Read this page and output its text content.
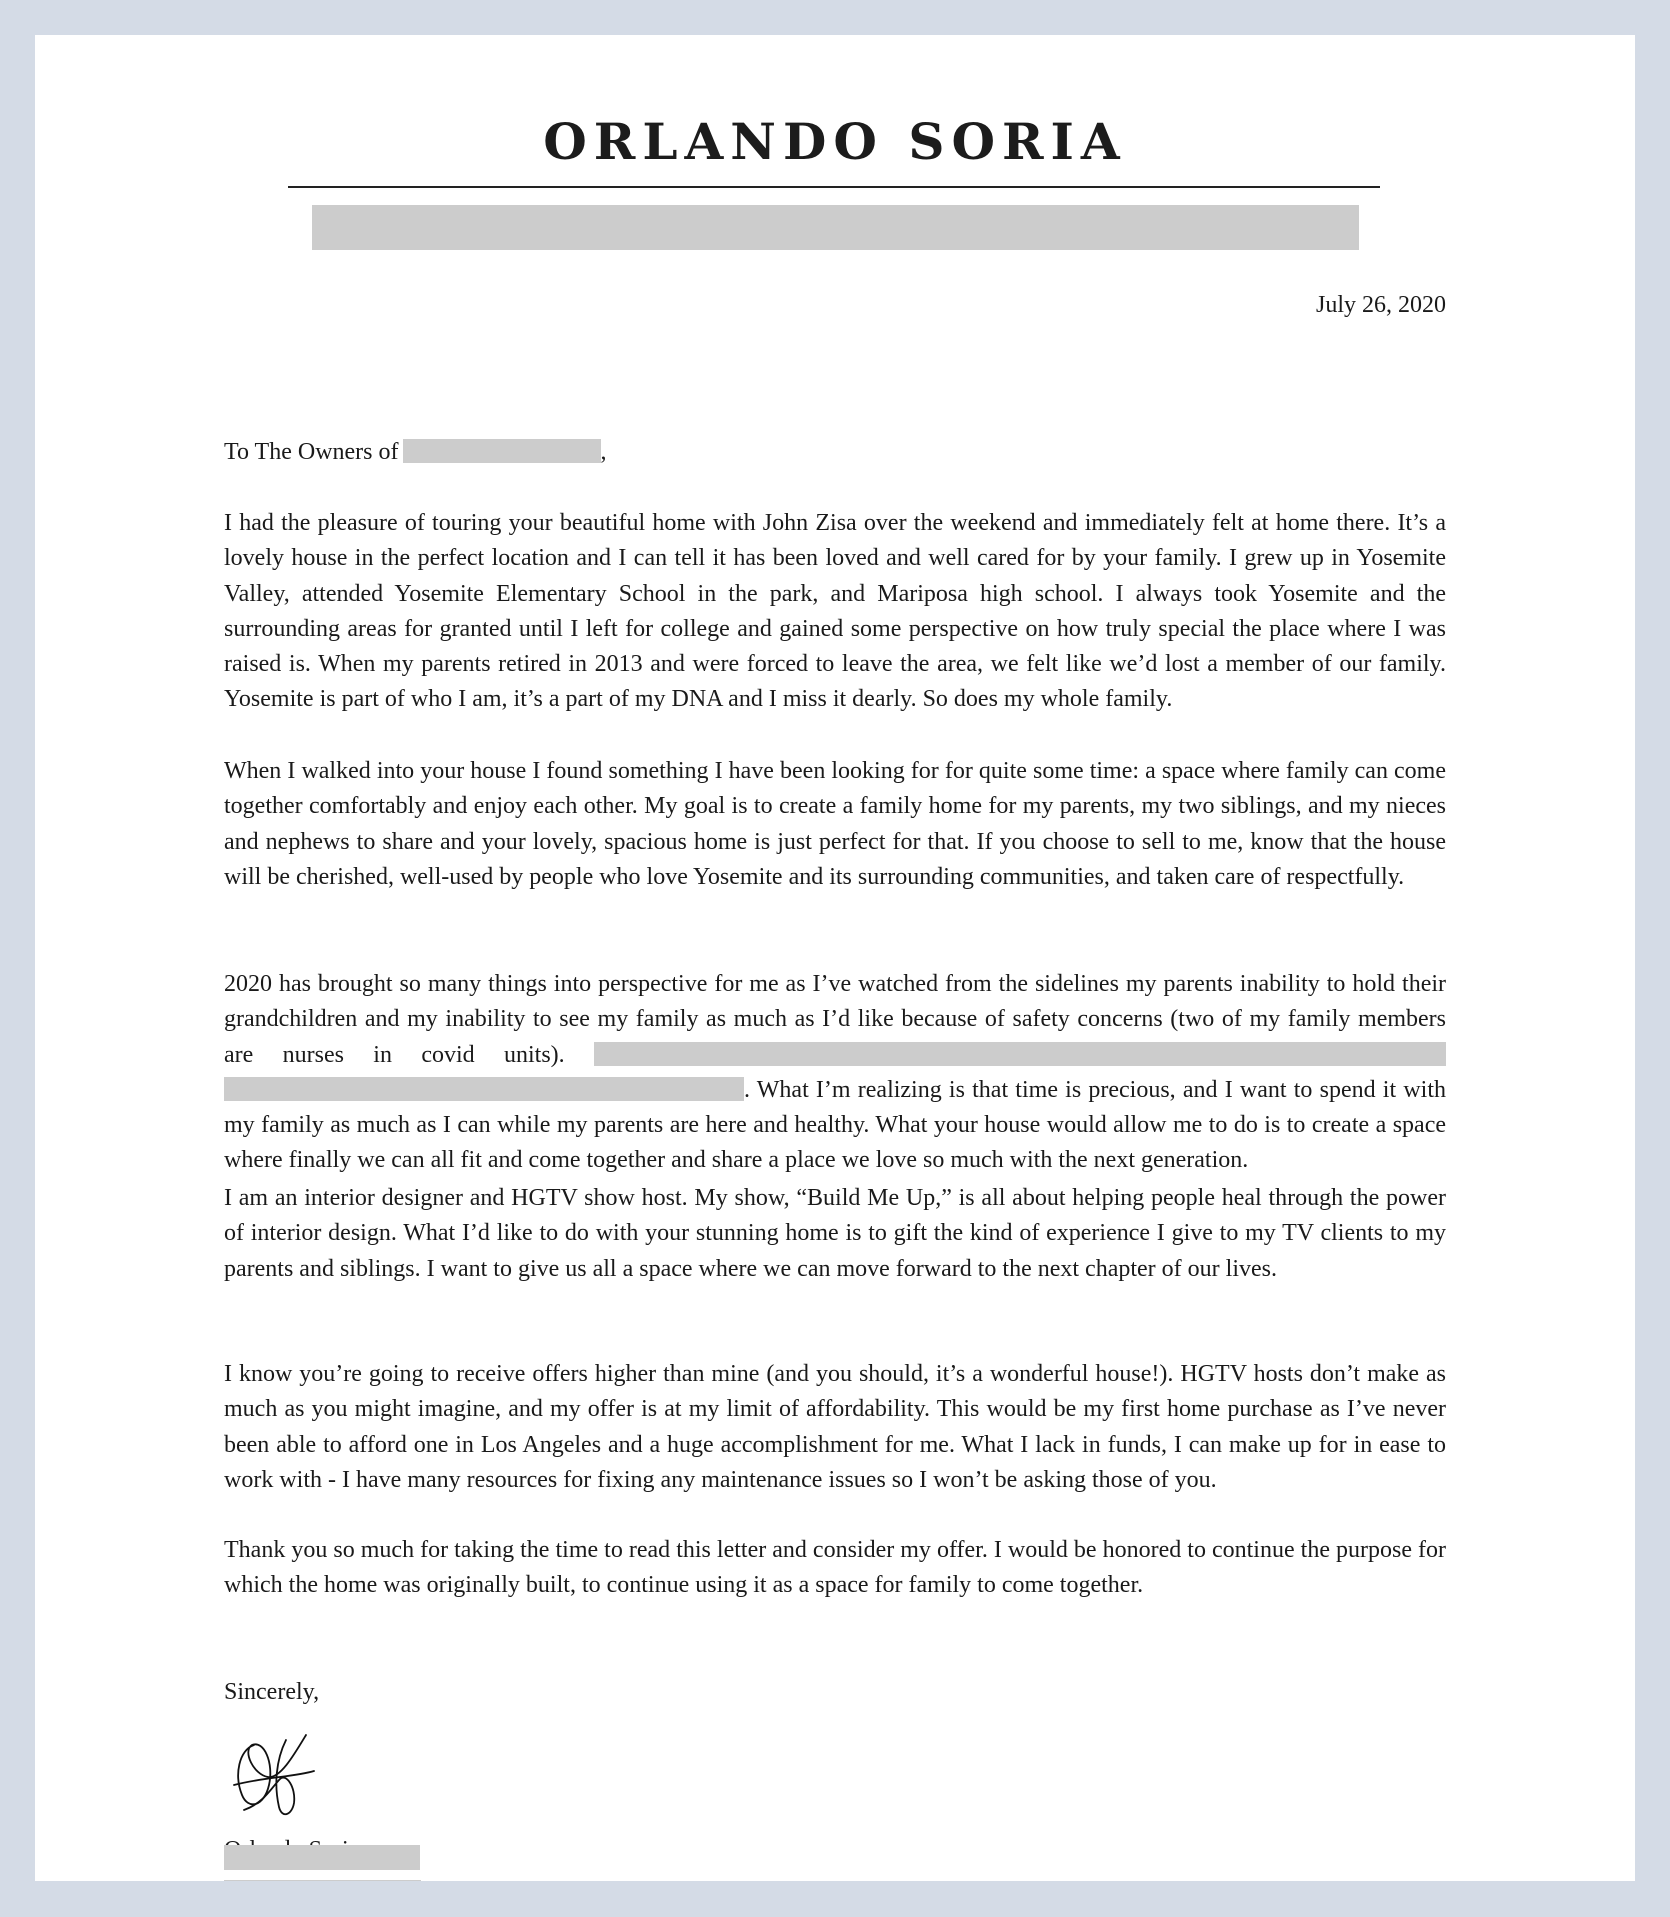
ORLANDO SORIA
July 26, 2020

To The Owners of	,

I had the pleasure of touring your beautiful home with John Zisa over the weekend and immediately felt at home there. It’s a lovely house in the perfect location and I can tell it has been loved and well cared for by your family. I grew up in Yosemite Valley, attended Yosemite Elementary School in the park, and Mariposa high school. I always took Yosemite and the surrounding areas for granted until I left for college and gained some perspective on how truly special the place where I was raised is. When my parents retired in 2013 and were forced to leave the area, we felt like we’d lost a member of our family. Yosemite is part of who I am, it’s a part of my DNA and I miss it dearly. So does my whole family.

When I walked into your house I found something I have been looking for for quite some time: a space where family can come together comfortably and enjoy each other. My goal is to create a family home for my parents, my two siblings, and my nieces and nephews to share and your lovely, spacious home is just perfect for that. If you choose to sell to me, know that the house will be cherished, well-used by people who love Yosemite and its surrounding communities, and taken care of respectfully.

2020 has brought so many things into perspective for me as I’ve watched from the sidelines my parents inability to hold their grandchildren and my inability to see my family as much as I’d like because of safety concerns (two of my family members are nurses in covid units).  . What I’m realizing is that time is precious, and I want to spend it with my family as much as I can while my parents are here and healthy. What your house would allow me to do is to create a space where finally we can all fit and come together and share a place we love so much with the next generation.

I am an interior designer and HGTV show host. My show, “Build Me Up,” is all about helping people heal through the power of interior design. What I’d like to do with your stunning home is to gift the kind of experience I give to my TV clients to my parents and siblings. I want to give us all a space where we can move forward to the next chapter of our lives.

I know you’re going to receive offers higher than mine (and you should, it’s a wonderful house!). HGTV hosts don’t make as much as you might imagine, and my offer is at my limit of affordability. This would be my first home purchase as I’ve never been able to afford one in Los Angeles and a huge accomplishment for me. What I lack in funds, I can make up for in ease to work with - I have many resources for fixing any maintenance issues so I won’t be asking those of you.

Thank you so much for taking the time to read this letter and consider my offer. I would be honored to continue the purpose for which the home was originally built, to continue using it as a space for family to come together.

Sincerely,
